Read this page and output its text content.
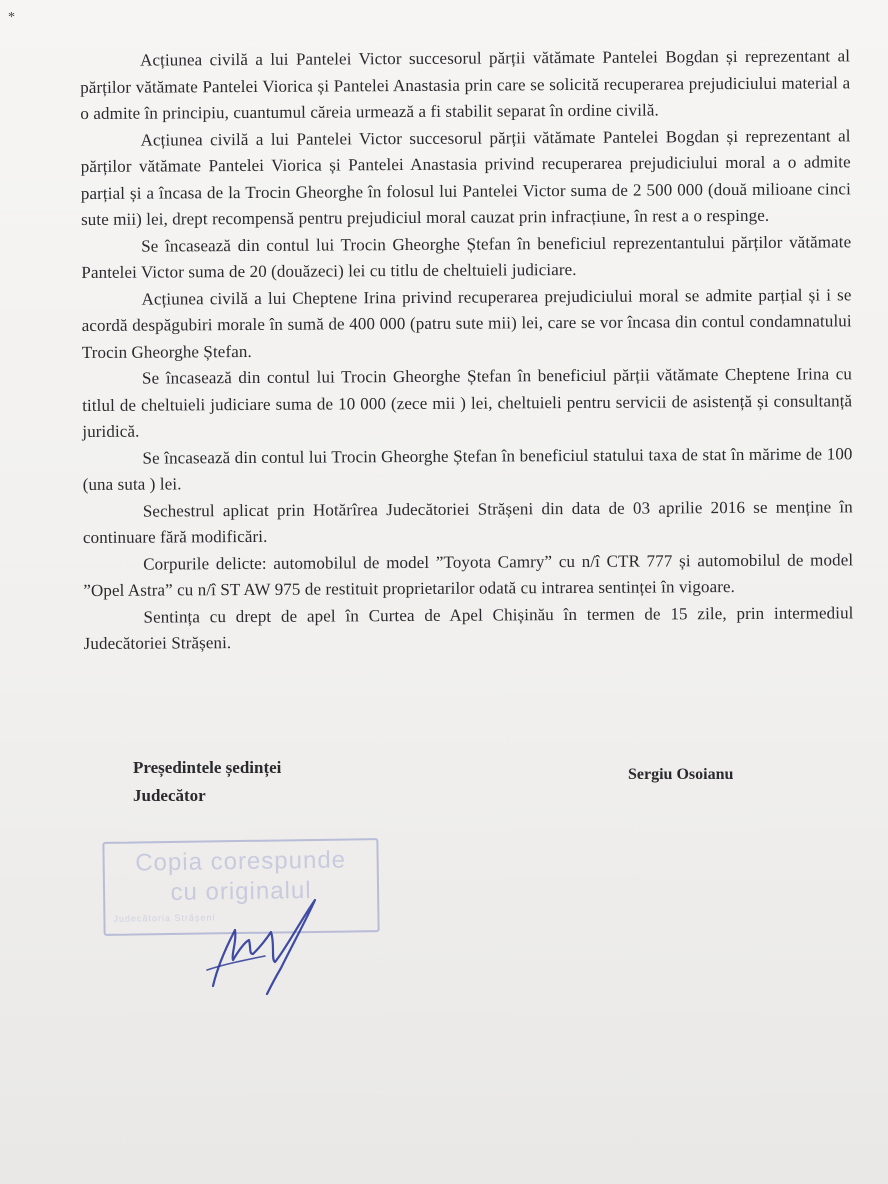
*

Acțiunea civilă a lui Pantelei Victor succesorul părții vătămate Pantelei Bogdan și reprezentant al părților vătămate Pantelei Viorica și Pantelei Anastasia prin care se solicită recuperarea prejudiciului material a o admite în principiu, cuantumul căreia urmează a fi stabilit separat în ordine civilă.

Acțiunea civilă a lui Pantelei Victor succesorul părții vătămate Pantelei Bogdan și reprezentant al părților vătămate Pantelei Viorica și Pantelei Anastasia privind recuperarea prejudiciului moral a o admite parțial și a încasa de la Trocin Gheorghe în folosul lui Pantelei Victor suma de 2 500 000 (două milioane cinci sute mii) lei, drept recompensă pentru prejudiciul moral cauzat prin infracțiune, în rest a o respinge.

Se încasează din contul lui Trocin Gheorghe Ștefan în beneficiul reprezentantului părților vătămate Pantelei Victor suma de 20 (douăzeci) lei cu titlu de cheltuieli judiciare.

Acțiunea civilă a lui Cheptene Irina privind recuperarea prejudiciului moral se admite parțial și i se acordă despăgubiri morale în sumă de 400 000 (patru sute mii) lei, care se vor încasa din contul condamnatului Trocin Gheorghe Ștefan.

Se încasează din contul lui Trocin Gheorghe Ștefan în beneficiul părții vătămate Cheptene Irina cu titlul de cheltuieli judiciare suma de 10 000 (zece mii ) lei, cheltuieli pentru servicii de asistență și consultanță juridică.

Se încasează din contul lui Trocin Gheorghe Ștefan în beneficiul statului taxa de stat în mărime de 100 (una suta ) lei.

Sechestrul aplicat prin Hotărîrea Judecătoriei Strășeni din data de 03 aprilie 2016 se menține în continuare fără modificări.

Corpurile delicte: automobilul de model ˮToyota Camryˮ cu n/î CTR 777 și automobilul de model ˮOpel Astraˮ cu n/î ST AW 975 de restituit proprietarilor odată cu intrarea sentinței în vigoare.

Sentința cu drept de apel în Curtea de Apel Chișinău în termen de 15 zile, prin intermediul Judecătoriei Strășeni.

Președintele ședinței
Judecător
Sergiu Osoianu
Copia corespunde
cu originalul
Judecătoria Strășeni
